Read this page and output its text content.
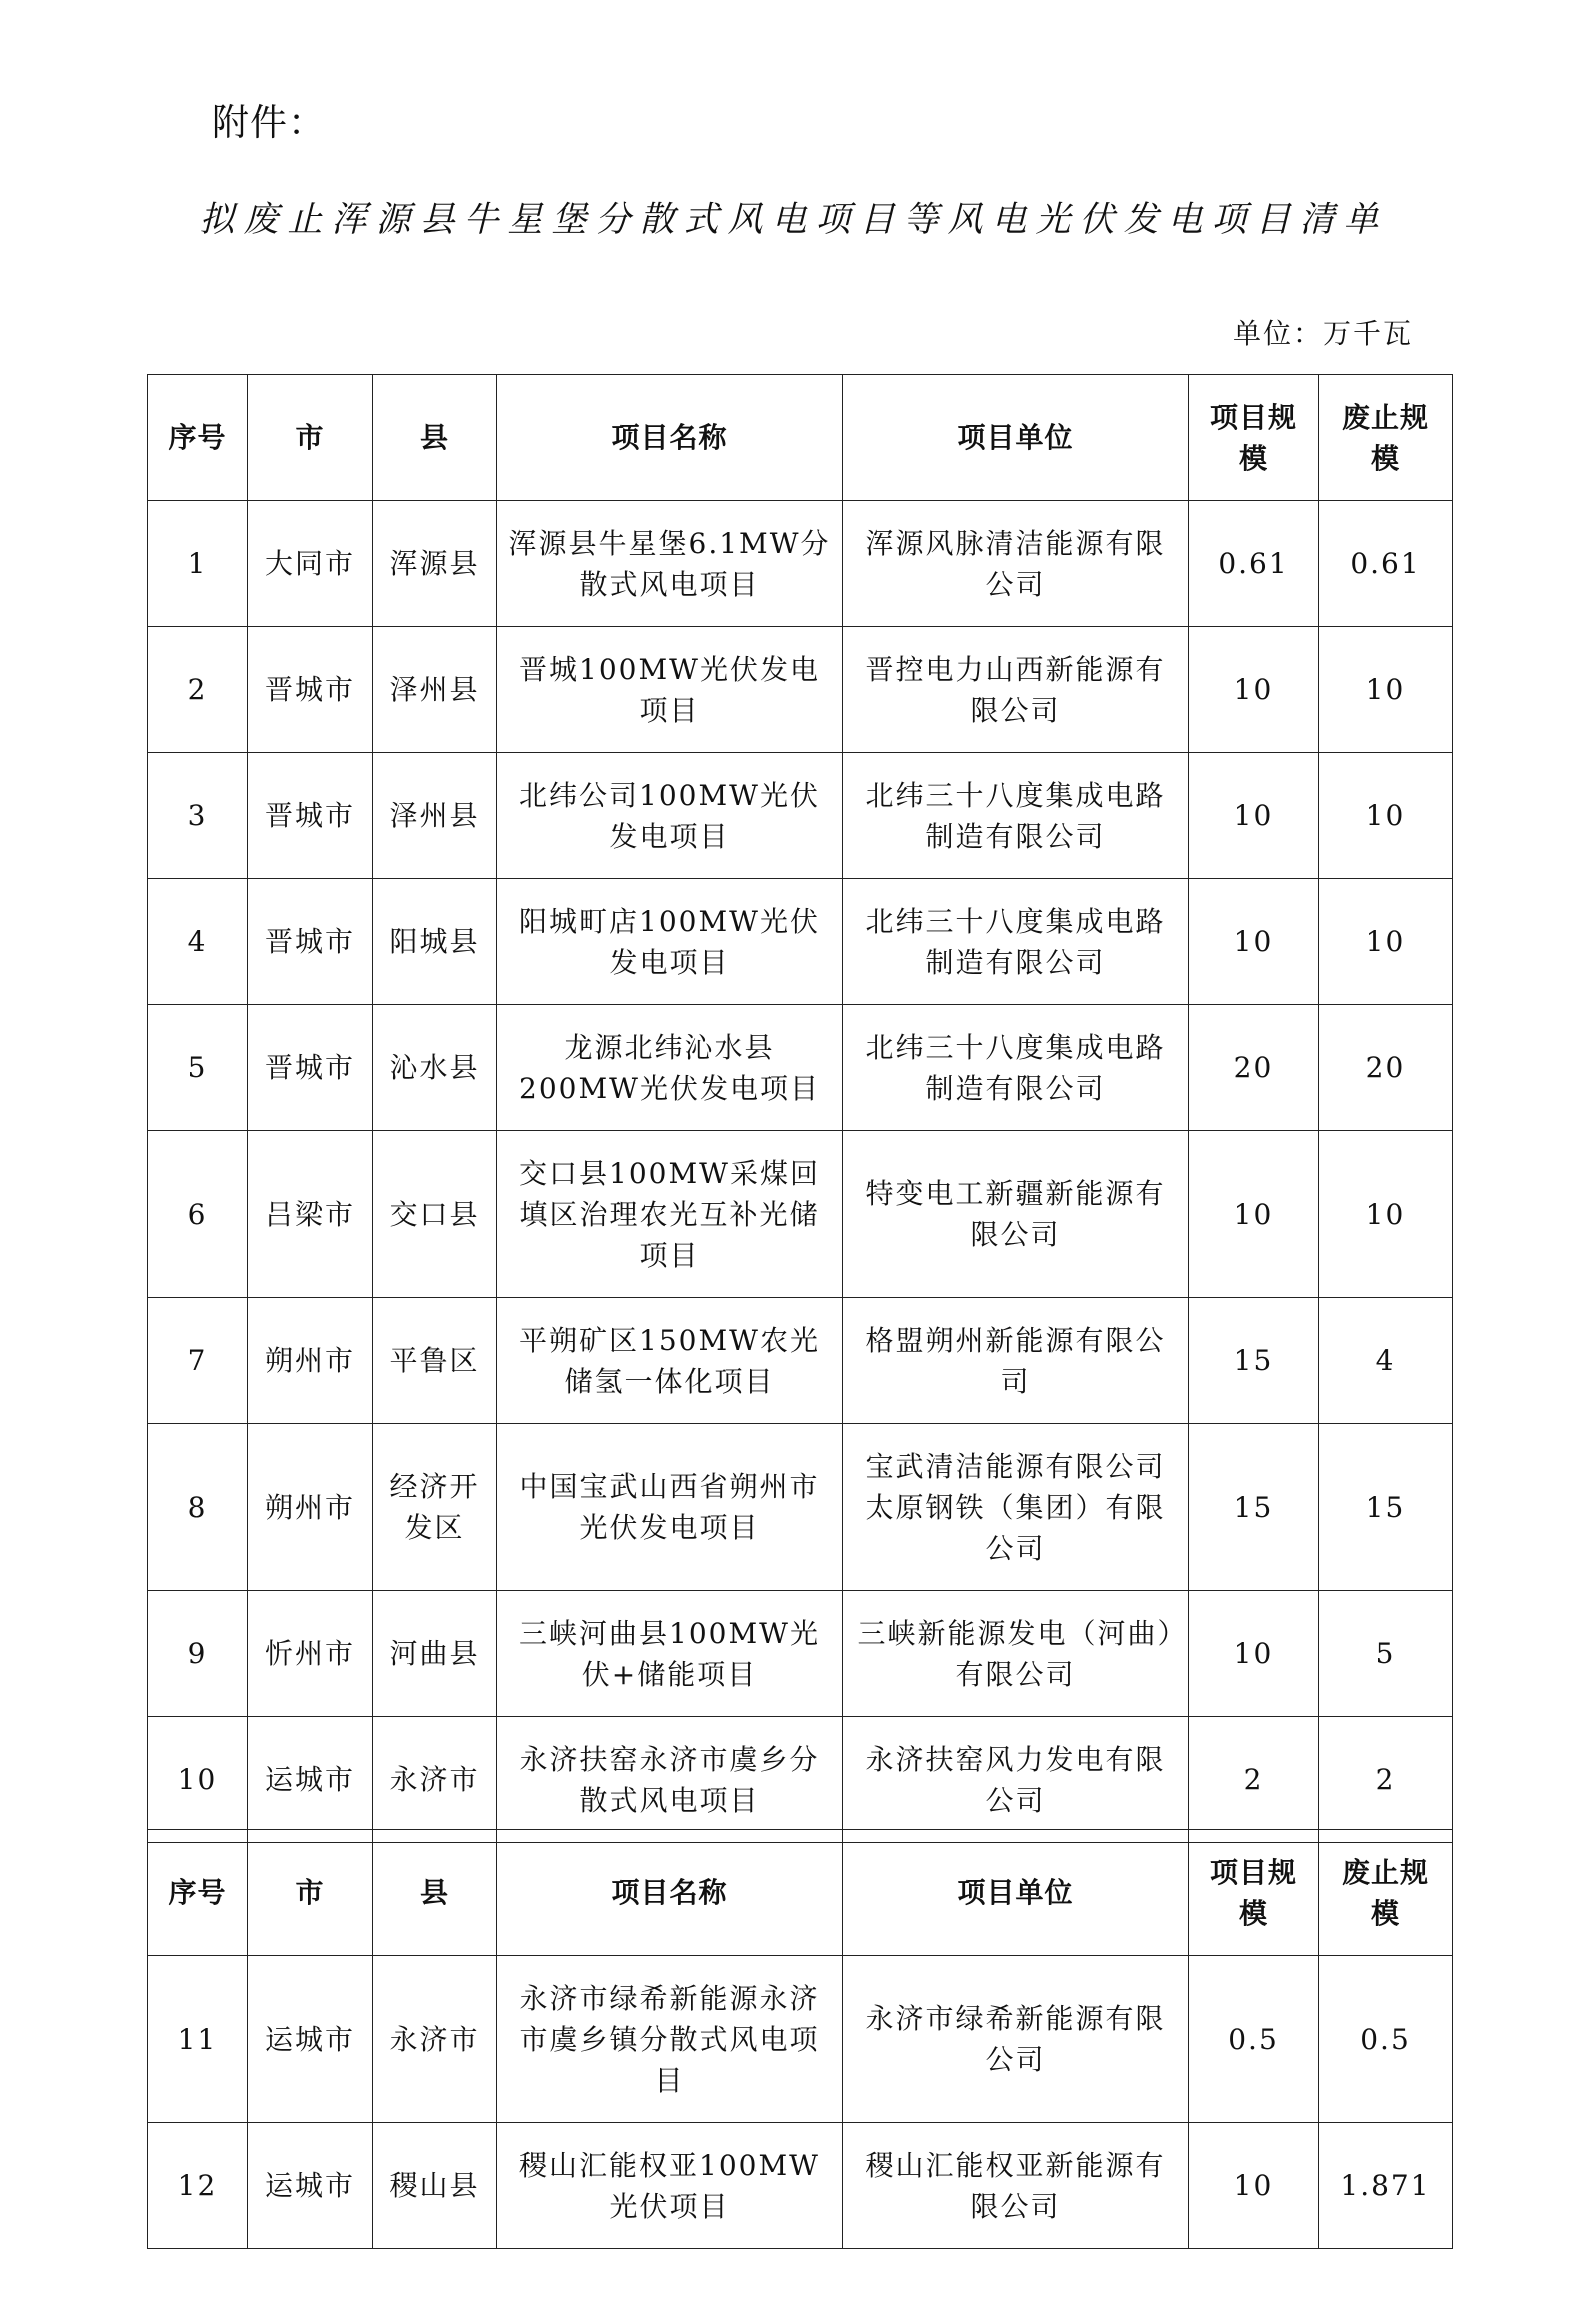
附件：
拟废止浑源县牛星堡分散式风电项目等风电光伏发电项目清单
单位：万千瓦
序号	市	县	项目名称	项目单位	项目规模	废止规模
1	大同市	浑源县	浑源县牛星堡6.1MW分散式风电项目	浑源风脉清洁能源有限公司	0.61	0.61
2	晋城市	泽州县	晋城100MW光伏发电项目	晋控电力山西新能源有限公司	10	10
3	晋城市	泽州县	北纬公司100MW光伏发电项目	北纬三十八度集成电路制造有限公司	10	10
4	晋城市	阳城县	阳城町店100MW光伏发电项目	北纬三十八度集成电路制造有限公司	10	10
5	晋城市	沁水县	龙源北纬沁水县200MW光伏发电项目	北纬三十八度集成电路制造有限公司	20	20
6	吕梁市	交口县	交口县100MW采煤回填区治理农光互补光储项目	特变电工新疆新能源有限公司	10	10
7	朔州市	平鲁区	平朔矿区150MW农光储氢一体化项目	格盟朔州新能源有限公司	15	4
8	朔州市	经济开发区	中国宝武山西省朔州市光伏发电项目	宝武清洁能源有限公司 太原钢铁（集团）有限公司	15	15
9	忻州市	河曲县	三峡河曲县100MW光伏+储能项目	三峡新能源发电（河曲）有限公司	10	5
10	运城市	永济市	永济扶窑永济市虞乡分散式风电项目	永济扶窑风力发电有限公司	2	2
序号	市	县	项目名称	项目单位	项目规模	废止规模
11	运城市	永济市	永济市绿希新能源永济市虞乡镇分散式风电项目	永济市绿希新能源有限公司	0.5	0.5
12	运城市	稷山县	稷山汇能权亚100MW光伏项目	稷山汇能权亚新能源有限公司	10	1.871
